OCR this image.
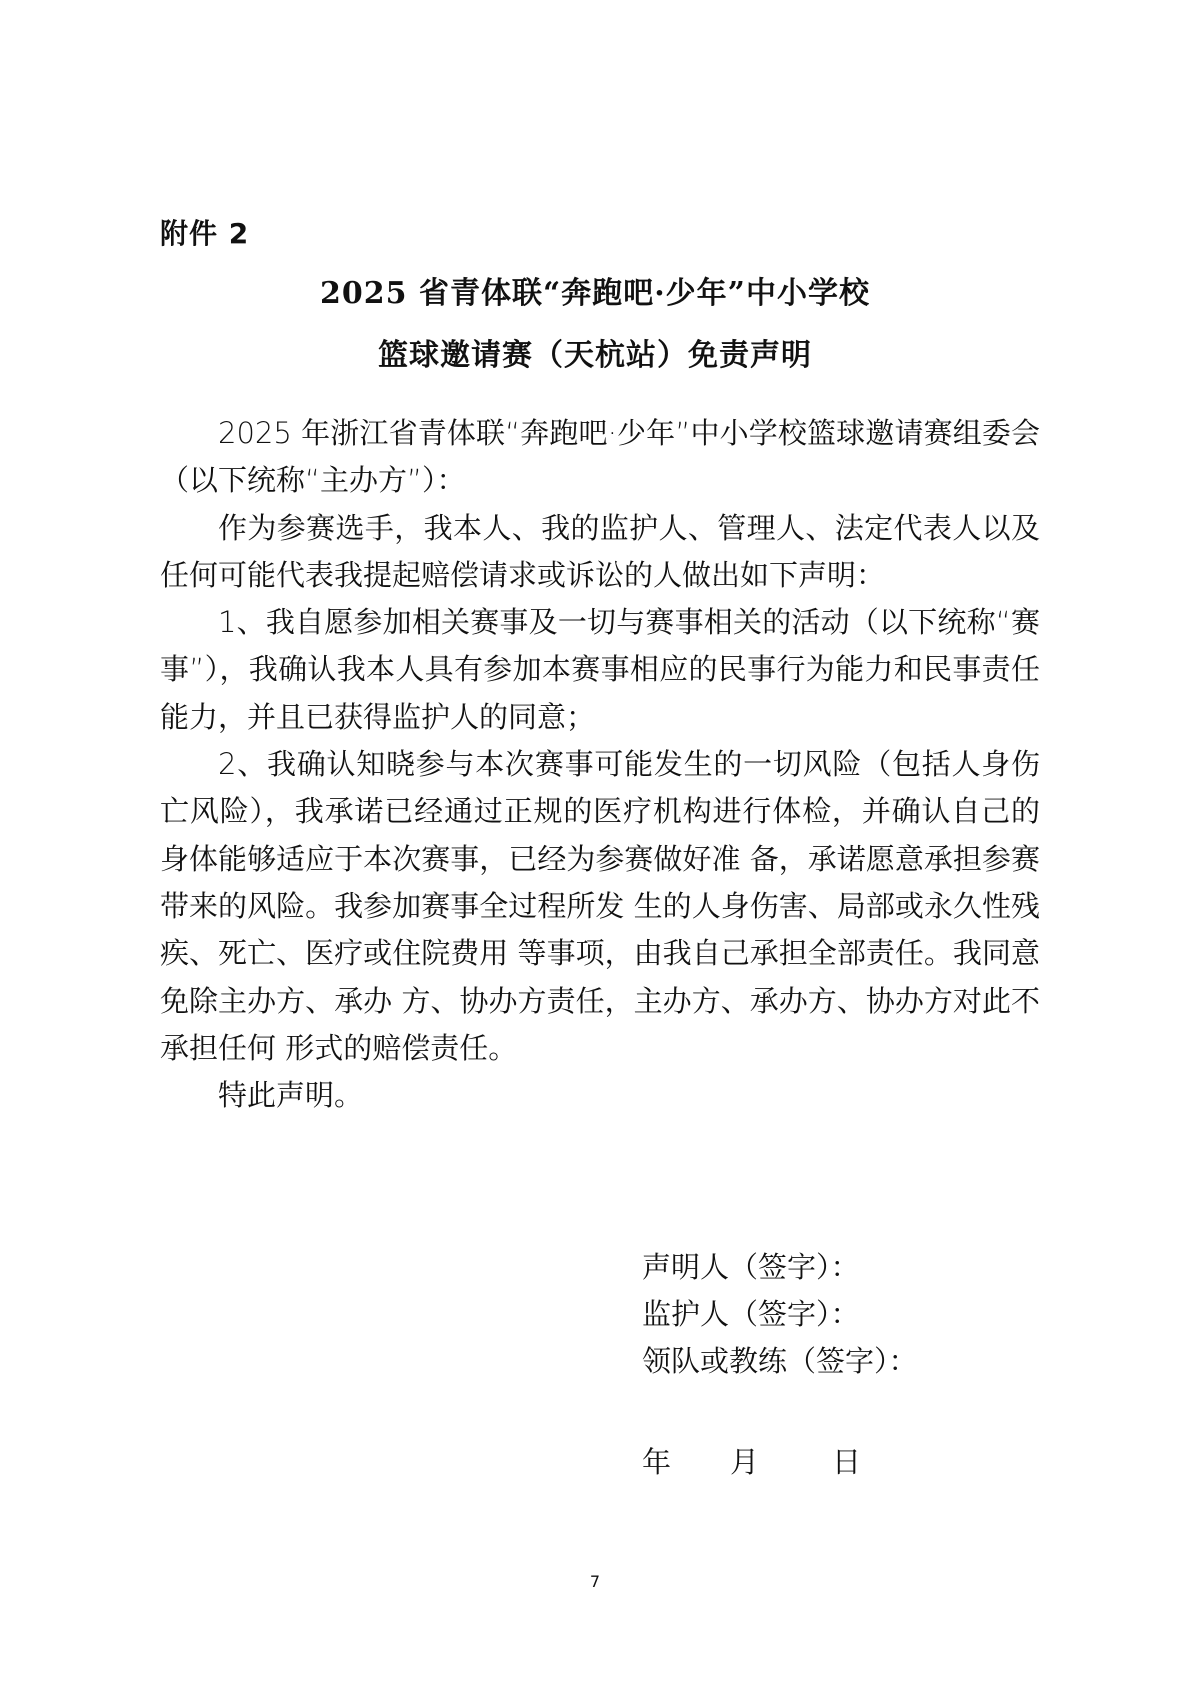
附件 2
2025 省青体联“奔跑吧·少年”中小学校
篮球邀请赛（天杭站）免责声明

2025 年浙江省青体联“奔跑吧·少年”中小学校篮球邀请赛组委会（以下统称“主办方”）：

作为参赛选手，我本人、我的监护人、管理人、法定代表人以及任何可能代表我提起赔偿请求或诉讼的人做出如下声明：

1、我自愿参加相关赛事及一切与赛事相关的活动（以下统称“赛事”），我确认我本人具有参加本赛事相应的民事行为能力和民事责任能力，并且已获得监护人的同意；

2、我确认知晓参与本次赛事可能发生的一切风险（包括人身伤亡风险），我承诺已经通过正规的医疗机构进行体检，并确认自己的身体能够适应于本次赛事，已经为参赛做好准 备，承诺愿意承担参赛带来的风险。我参加赛事全过程所发 生的人身伤害、局部或永久性残疾、死亡、医疗或住院费用 等事项，由我自己承担全部责任。我同意免除主办方、承办 方、协办方责任，主办方、承办方、协办方对此不承担任何 形式的赔偿责任。

特此声明。

声明人（签字）：
监护人（签字）：
领队或教练（签字）：
年 月	日
7
